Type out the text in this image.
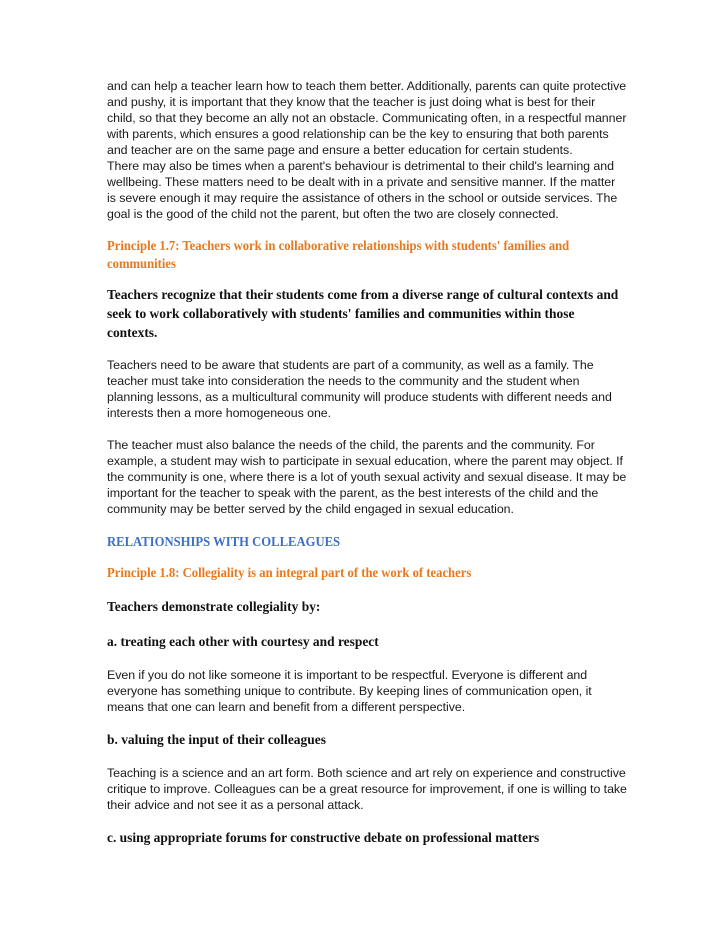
and can help a teacher learn how to teach them better. Additionally, parents can quite protective and pushy, it is important that they know that the teacher is just doing what is best for their child, so that they become an ally not an obstacle. Communicating often, in a respectful manner with parents, which ensures a good relationship can be the key to ensuring that both parents and teacher are on the same page and ensure a better education for certain students.

There may also be times when a parent's behaviour is detrimental to their child's learning and wellbeing. These matters need to be dealt with in a private and sensitive manner. If the matter is severe enough it may require the assistance of others in the school or outside services. The goal is the good of the child not the parent, but often the two are closely connected.

Principle 1.7: Teachers work in collaborative relationships with students' families and communities

Teachers recognize that their students come from a diverse range of cultural contexts and seek to work collaboratively with students' families and communities within those contexts.

Teachers need to be aware that students are part of a community, as well as a family. The teacher must take into consideration the needs to the community and the student when planning lessons, as a multicultural community will produce students with different needs and interests then a more homogeneous one.

The teacher must also balance the needs of the child, the parents and the community. For example, a student may wish to participate in sexual education, where the parent may object. If the community is one, where there is a lot of youth sexual activity and sexual disease. It may be important for the teacher to speak with the parent, as the best interests of the child and the community may be better served by the child engaged in sexual education.

RELATIONSHIPS WITH COLLEAGUES

Principle 1.8: Collegiality is an integral part of the work of teachers

Teachers demonstrate collegiality by:

a. treating each other with courtesy and respect

Even if you do not like someone it is important to be respectful. Everyone is different and everyone has something unique to contribute. By keeping lines of communication open, it means that one can learn and benefit from a different perspective.

b. valuing the input of their colleagues

Teaching is a science and an art form. Both science and art rely on experience and constructive critique to improve. Colleagues can be a great resource for improvement, if one is willing to take their advice and not see it as a personal attack.

c. using appropriate forums for constructive debate on professional matters
